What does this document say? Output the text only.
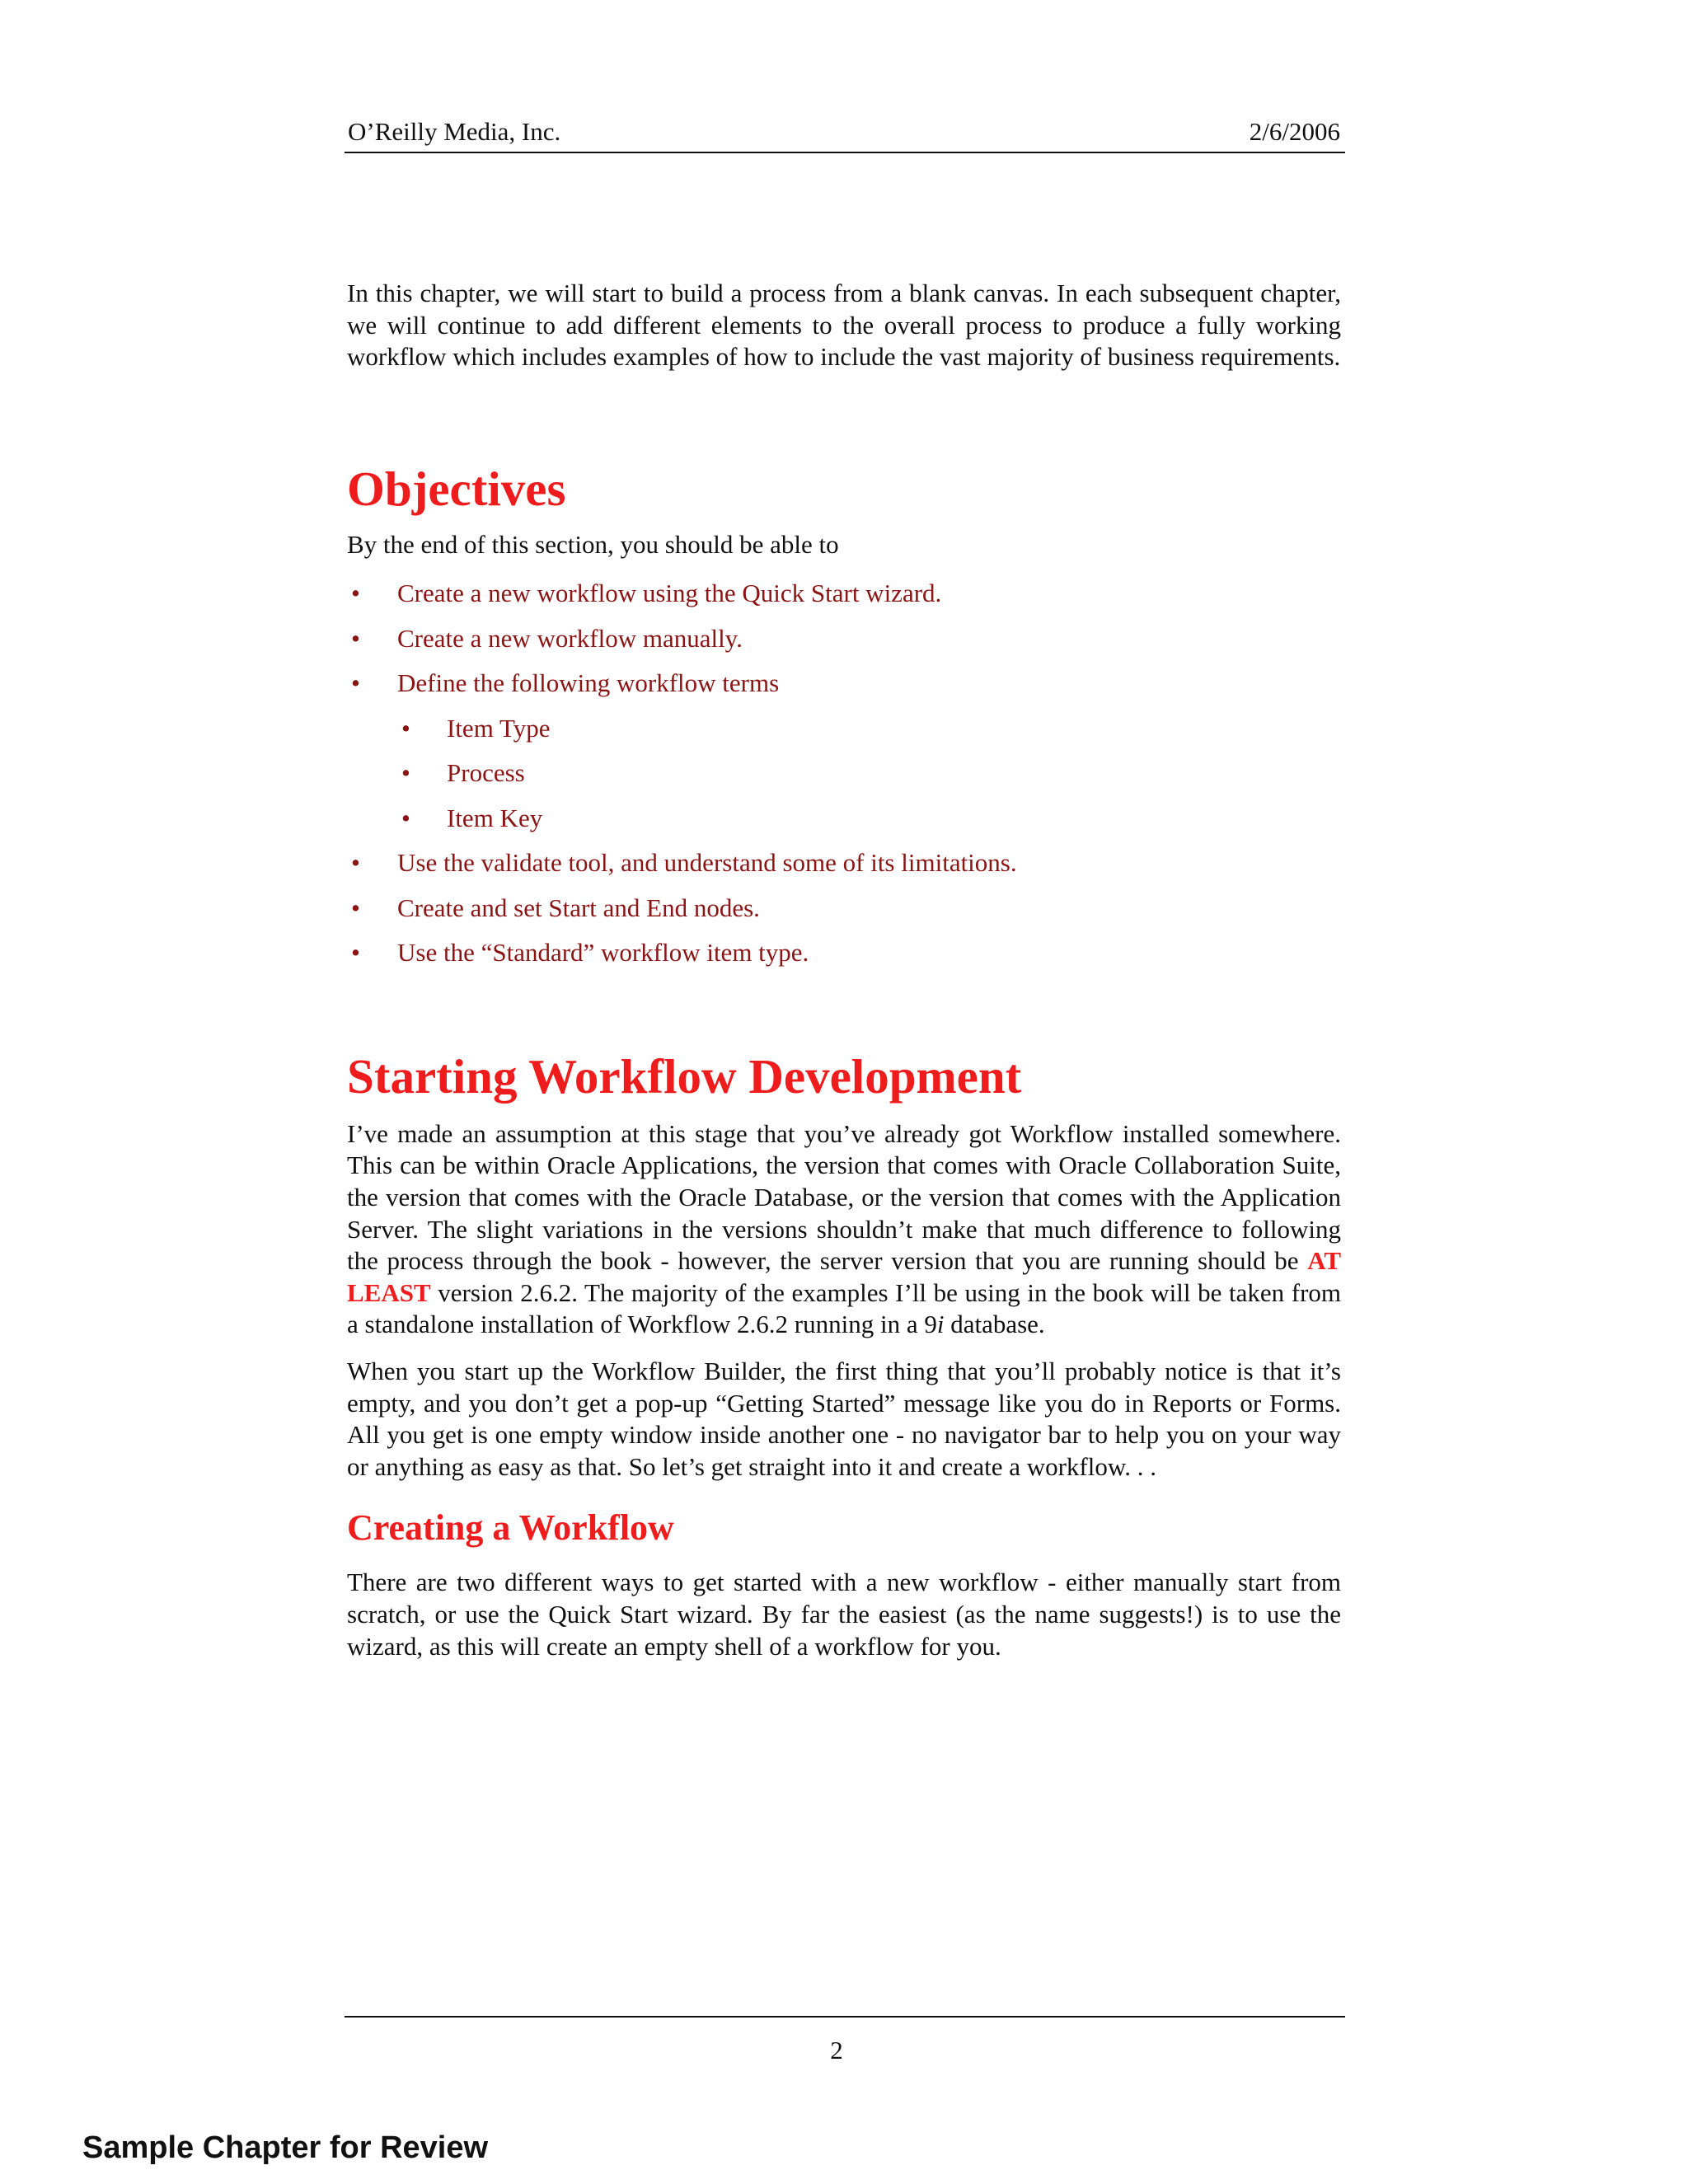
O’Reilly Media, Inc.	2/6/2006

In this chapter, we will start to build a process from a blank canvas. In each subsequent chapter, we will continue to add different elements to the overall process to produce a fully working workflow which includes examples of how to include the vast majority of business requirements.

Objectives

By the end of this section, you should be able to

• Create a new workflow using the Quick Start wizard.
• Create a new workflow manually.
• Define the following workflow terms
• Item Type
• Process
• Item Key
• Use the validate tool, and understand some of its limitations.
• Create and set Start and End nodes.
• Use the “Standard” workflow item type.
Starting Workflow Development

I’ve made an assumption at this stage that you’ve already got Workflow installed somewhere. This can be within Oracle Applications, the version that comes with Oracle Collaboration Suite, the version that comes with the Oracle Database, or the version that comes with the Application Server. The slight variations in the versions shouldn’t make that much difference to following the process through the book - however, the server version that you are running should be AT LEAST version 2.6.2. The majority of the examples I’ll be using in the book will be taken from a standalone installation of Workflow 2.6.2 running in a 9i database.

When you start up the Workflow Builder, the first thing that you’ll probably notice is that it’s empty, and you don’t get a pop-up “Getting Started” message like you do in Reports or Forms. All you get is one empty window inside another one - no navigator bar to help you on your way or anything as easy as that. So let’s get straight into it and create a workflow. . .

Creating a Workflow

There are two different ways to get started with a new workflow - either manually start from scratch, or use the Quick Start wizard. By far the easiest (as the name suggests!) is to use the wizard, as this will create an empty shell of a workflow for you.

2
Sample Chapter for Review
